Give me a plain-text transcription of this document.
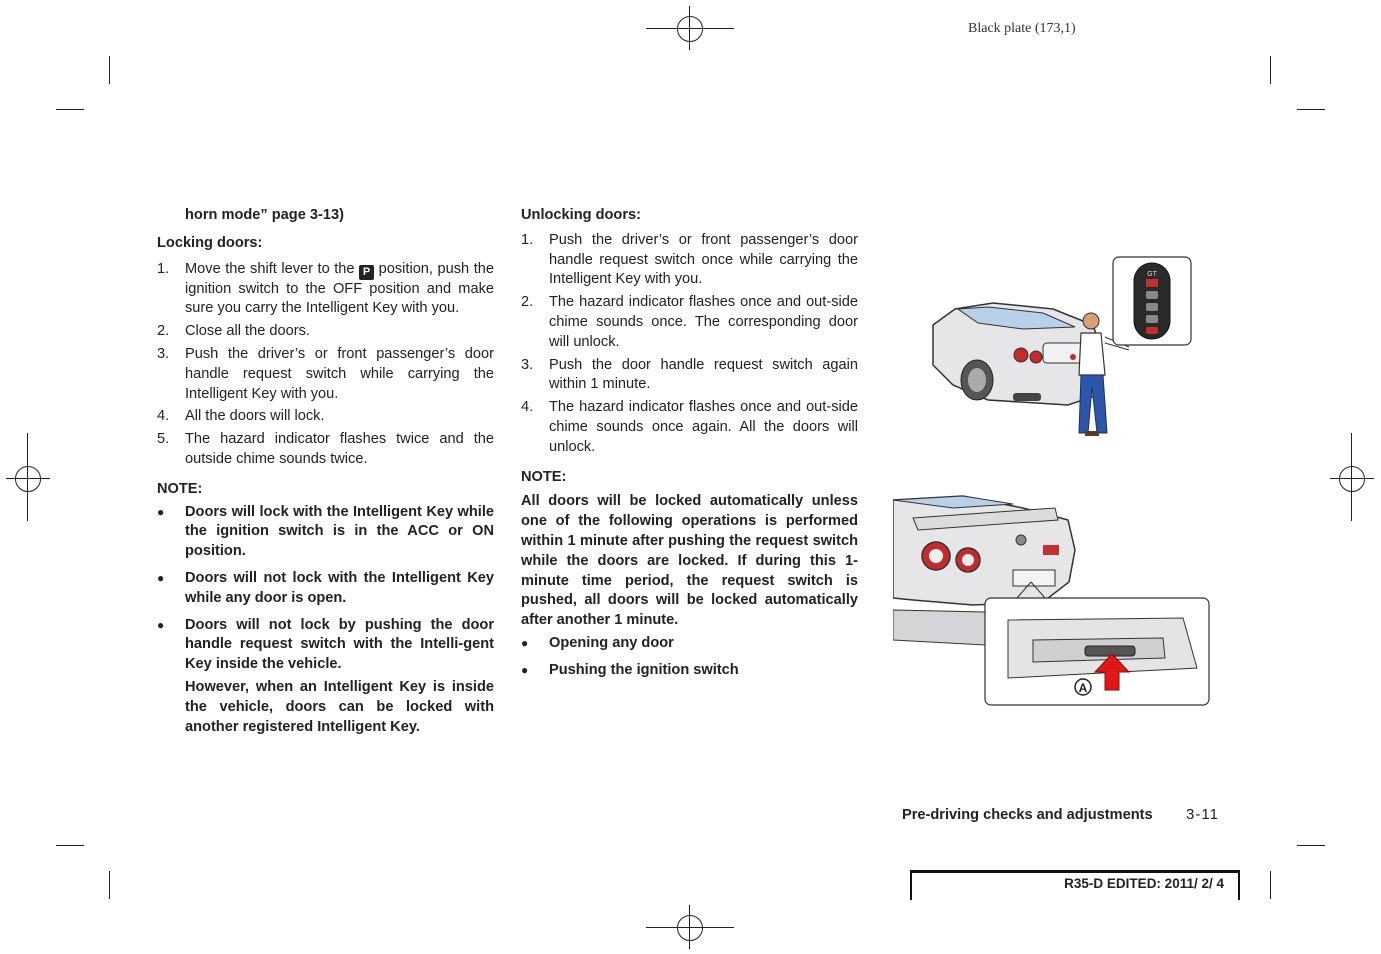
Black plate (173,1)

horn mode” page 3-13)

Locking doors:

1. Move the shift lever to the P position, push the ignition switch to the OFF position and make sure you carry the Intelligent Key with you.
2. Close all the doors.
3. Push the driver’s or front passenger’s door handle request switch while carrying the Intelligent Key with you.
4. All the doors will lock.
5. The hazard indicator flashes twice and the outside chime sounds twice.

NOTE:

● Doors will lock with the Intelligent Key while the ignition switch is in the ACC or ON position.
● Doors will not lock with the Intelligent Key while any door is open.
● Doors will not lock by pushing the door handle request switch with the Intelli-gent Key inside the vehicle.

However, when an Intelligent Key is inside the vehicle, doors can be locked with another registered Intelligent Key.

Unlocking doors:

1. Push the driver’s or front passenger’s door handle request switch once while carrying the Intelligent Key with you.
2. The hazard indicator flashes once and out-side chime sounds once. The corresponding door will unlock.
3. Push the door handle request switch again within 1 minute.
4. The hazard indicator flashes once and out-side chime sounds once again. All the doors will unlock.

NOTE:

All doors will be locked automatically unless one of the following operations is performed within 1 minute after pushing the request switch while the doors are locked. If during this 1-minute time period, the request switch is pushed, all doors will be locked automatically after another 1 minute.

● Opening any door
● Pushing the ignition switch
GT
A
Pre-driving checks and adjustments 3-11
R35-D EDITED: 2011/ 2/ 4
